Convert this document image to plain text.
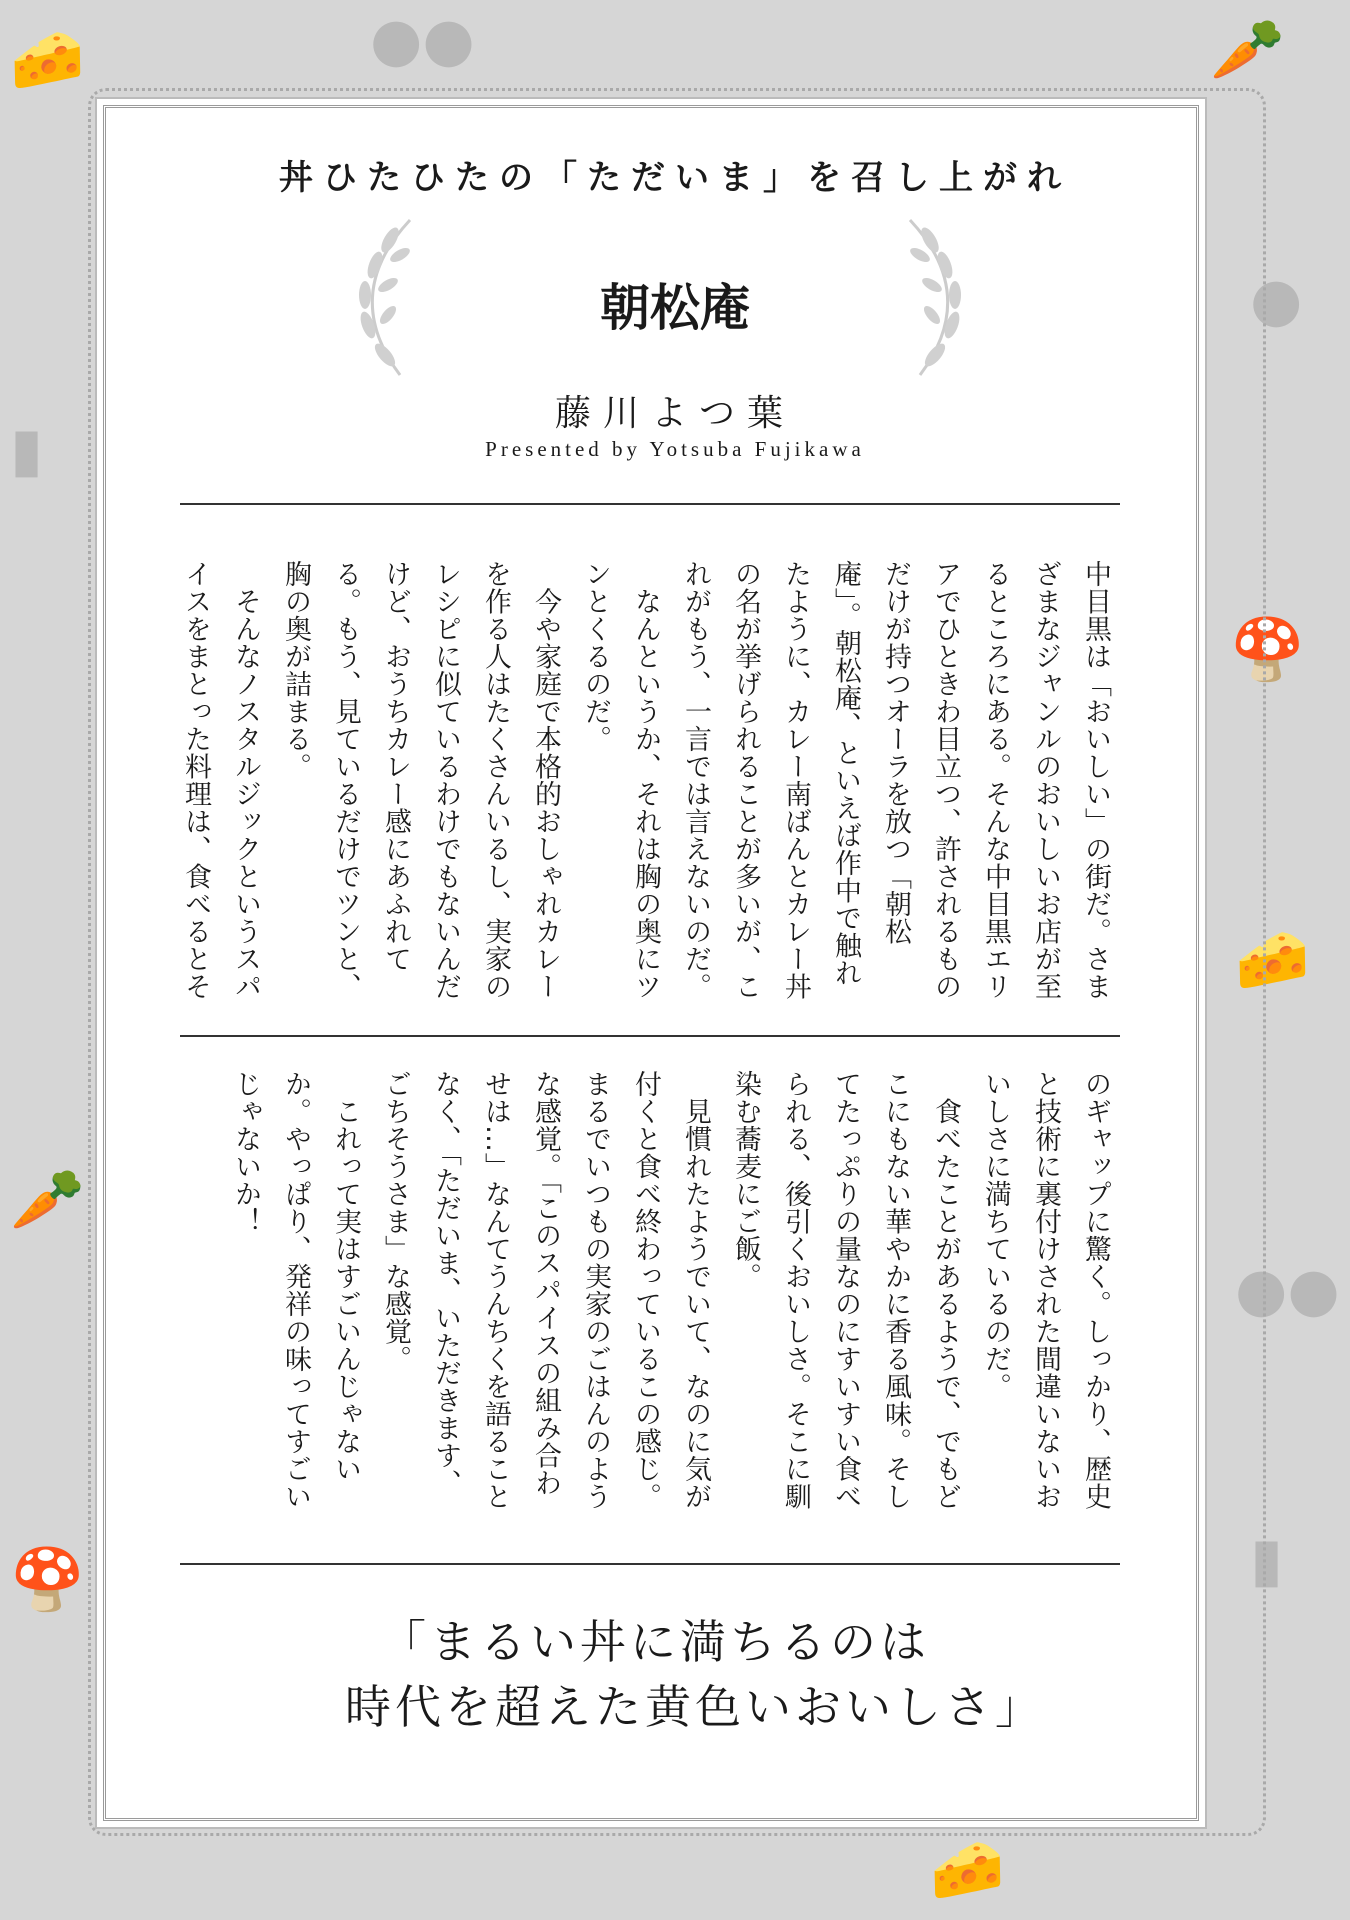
🧀	●●	🥕
▮
●
🍄
🧀
🥕
●●
🍄	▮
🧀
丼ひたひたの「ただいま」を召し上がれ
朝松庵
藤川よつ葉
Presented by Yotsuba Fujikawa

中目黒は「おいしい」の街だ。さまざまなジャンルのおいしいお店が至るところにある。そんな中目黒エリアでひときわ目立つ、許されるものだけが持つオーラを放つ「朝松庵」。朝松庵、といえば作中で触れたように、カレー南ばんとカレー丼の名が挙げられることが多いが、これがもう、一言では言えないのだ。

　なんというか、それは胸の奥にツンとくるのだ。

　今や家庭で本格的おしゃれカレーを作る人はたくさんいるし、実家のレシピに似ているわけでもないんだけど、おうちカレー感にあふれてる。もう、見ているだけでツンと、胸の奥が詰まる。

　そんなノスタルジックというスパイスをまとった料理は、食べるとそ

のギャップに驚く。しっかり、歴史と技術に裏付けされた間違いないおいしさに満ちているのだ。

　食べたことがあるようで、でもどこにもない華やかに香る風味。そしてたっぷりの量なのにすいすい食べられる、後引くおいしさ。そこに馴染む蕎麦にご飯。

　見慣れたようでいて、なのに気が付くと食べ終わっているこの感じ。まるでいつもの実家のごはんのような感覚。「このスパイスの組み合わせは…」なんてうんちくを語ることなく、「ただいま、いただきます、ごちそうさま」な感覚。

　これって実はすごいんじゃないか。やっぱり、発祥の味ってすごいじゃないか！

「まるい丼に満ちるのは
時代を超えた黄色いおいしさ」
